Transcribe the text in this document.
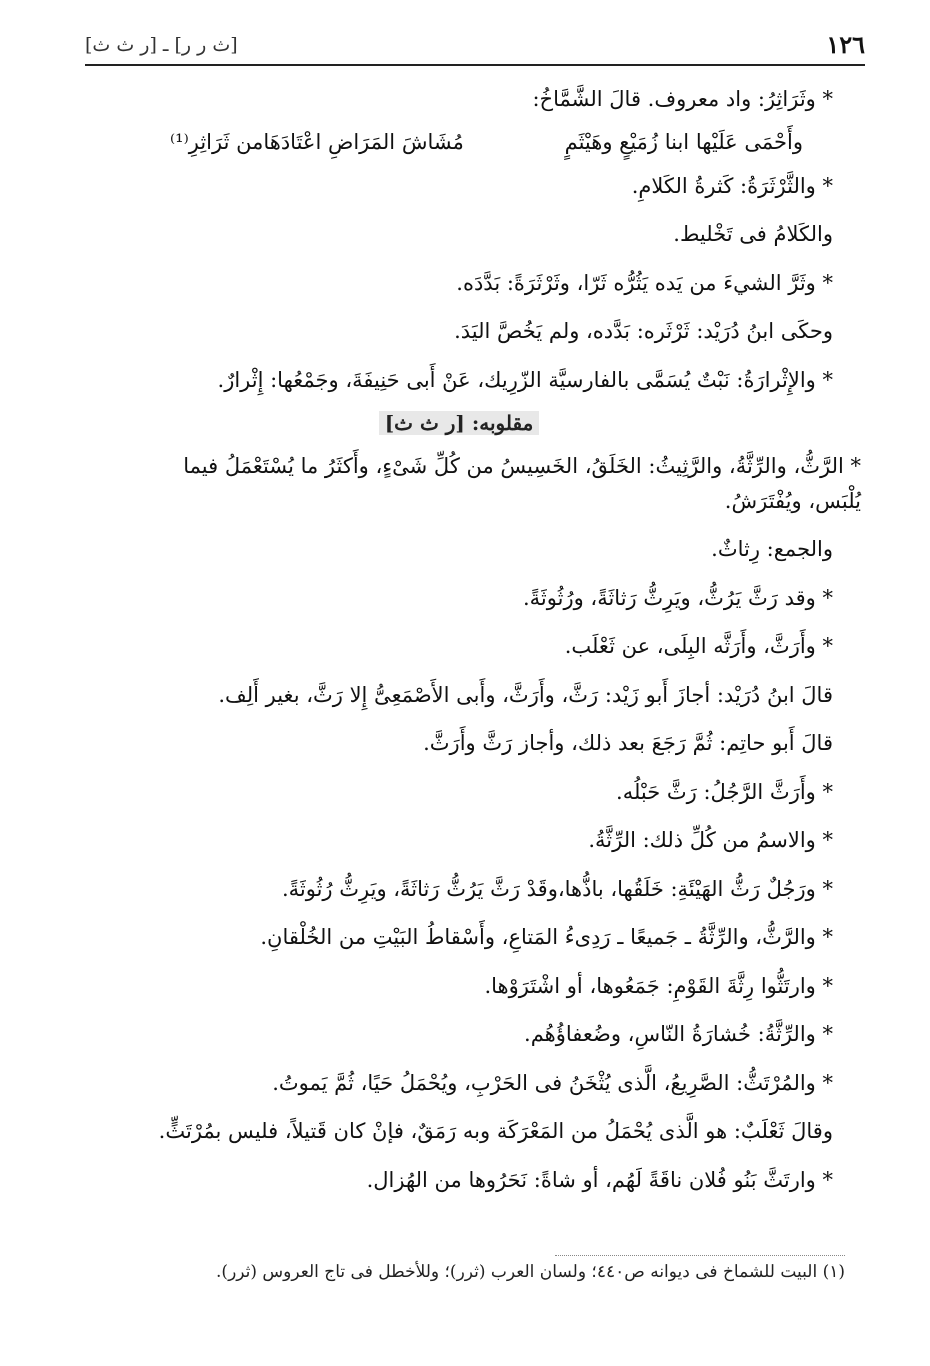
١٢٦
[ث ر ر] ـ [ر ث ث]
* وثَرَاثِرُ: واد معروف. قالَ الشَّمَّاخُ:
وأَحْمَى عَلَيْها ابنا زُمَيْعٍ وهَيْثَمٍ
مُشَاشَ المَرَاضِ اعْتَادَهَامن ثَرَاثِرِ⁽¹⁾
* والثَّرْثَرَةُ: كَثرةُ الكَلامِ.
والكَلامُ فى تَخْليط.
* وثَرَّ الشيءَ من يَده يَثُرُّه ثَرّا، وثَرْثَرَةً: بَدَّدَه.
وحكَى ابنُ دُرَيْد: ثَرْثَره: بَدَّده، ولم يَخُصَّ اليَدَ.
* والإِثْرارَةُ: نَبْتٌ يُسَمَّى بالفارسيَّة الزّرِيك، عَنْ أَبى حَنِيفَةَ، وجَمْعُها: إِثْرارٌ.
مقلوبه: [ر ث ث]
* الرَّثُّ، والرِّثَّةُ، والرَّثِيثُ: الخَلَقُ، الخَسِيسُ من كُلِّ شَىْءٍ، وأَكثَرُ ما يُسْتَعْمَلُ فيما
يُلْبَس، ويُفْتَرَشُ.
والجمع: رِثاثٌ.
* وقد رَثَّ يَرُثُّ، ويَرِثُّ رَثاثَةً، ورُثُوثَةً.
* وأَرَثَّ، وأَرَثَّه البِلَى، عن ثَعْلَب.
قالَ ابنُ دُرَيْد: أجازَ أَبو زَيْد: رَثَّ، وأَرَثَّ، وأَبى الأَصْمَعِىُّ إِلا رَثَّ، بغير أَلِف.
قالَ أَبو حاتِم: ثُمَّ رَجَعَ بعد ذلك، وأجاز رَثَّ وأَرَثَّ.
* وأَرَثَّ الرَّجُلُ: رَثَّ حَبْلُه.
* والاسمُ من كُلِّ ذلك: الرِّثَّةُ.
* ورَجُلٌ رَثُّ الهَيْئَةِ: خَلَقُها، باذُّها،وقَدْ رَثَّ يَرُثُّ رَثاثَةً، ويَرِثُّ رُثُوثَةً.
* والرَّثُّ، والرِّثَّةُ ـ جَميعًا ـ رَدِىءُ المَتاعِ، وأَسْقاطُ البَيْتِ من الخُلْقانِ.
* وارتَثُّوا رِثَّةَ القَوْمِ: جَمَعُوها، أو اشْتَرَوْها.
* والرِّثَّةُ: خُشارَةُ النّاسِ، وضُعفاؤُهُم.
* والمُرْتَثُّ: الصَّرِيعُ، الَّذى يُثْخَنُ فى الحَرْبِ، ويُحْمَلُ حَيًا، ثُمَّ يَموتُ.
وقالَ ثَعْلَبٌ: هو الَّذى يُحْمَلُ من المَعْرَكَة وبه رَمَقٌ، فإنْ كان قَتيلاً، فليس بمُرْتَثٍّ.
* وارتَثَّ بَنُو فُلان ناقَةً لَهُم، أو شاةً: نَحَرُوها من الهُزال.
(١) البيت للشماخ فى ديوانه ص٤٤٠؛ ولسان العرب (ثرر)؛ وللأخطل فى تاج العروس (ثرر).
